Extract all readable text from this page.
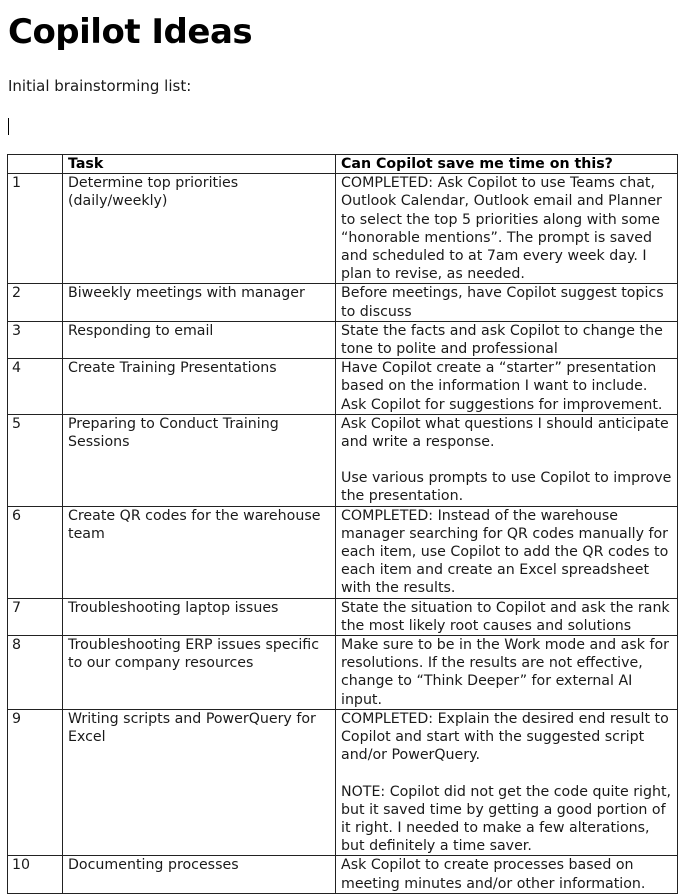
Copilot Ideas

Initial brainstorming list:

	Task	Can Copilot save me time on this?
1	Determine top priorities (daily/weekly)	COMPLETED: Ask Copilot to use Teams chat, Outlook Calendar, Outlook email and Planner to select the top 5 priorities along with some “honorable mentions”. The prompt is saved and scheduled to at 7am every week day. I plan to revise, as needed.

2	Biweekly meetings with manager	Before meetings, have Copilot suggest topics to discuss

3	Responding to email	State the facts and ask Copilot to change the tone to polite and professional

4	Create Training Presentations	Have Copilot create a “starter” presentation based on the information I want to include. Ask Copilot for suggestions for improvement.

5	Preparing to Conduct Training Sessions	Ask Copilot what questions I should anticipate and write a response.
Use various prompts to use Copilot to improve the presentation.

6	Create QR codes for the warehouse team	COMPLETED: Instead of the warehouse manager searching for QR codes manually for each item, use Copilot to add the QR codes to each item and create an Excel spreadsheet with the results.

7	Troubleshooting laptop issues	State the situation to Copilot and ask the rank the most likely root causes and solutions

8	Troubleshooting ERP issues specific to our company resources	Make sure to be in the Work mode and ask for resolutions. If the results are not effective, change to “Think Deeper” for external AI input.

9	Writing scripts and PowerQuery for Excel	COMPLETED: Explain the desired end result to Copilot and start with the suggested script and/or PowerQuery.
NOTE: Copilot did not get the code quite right, but it saved time by getting a good portion of it right. I needed to make a few alterations, but definitely a time saver.

10	Documenting processes	Ask Copilot to create processes based on meeting minutes and/or other information.
